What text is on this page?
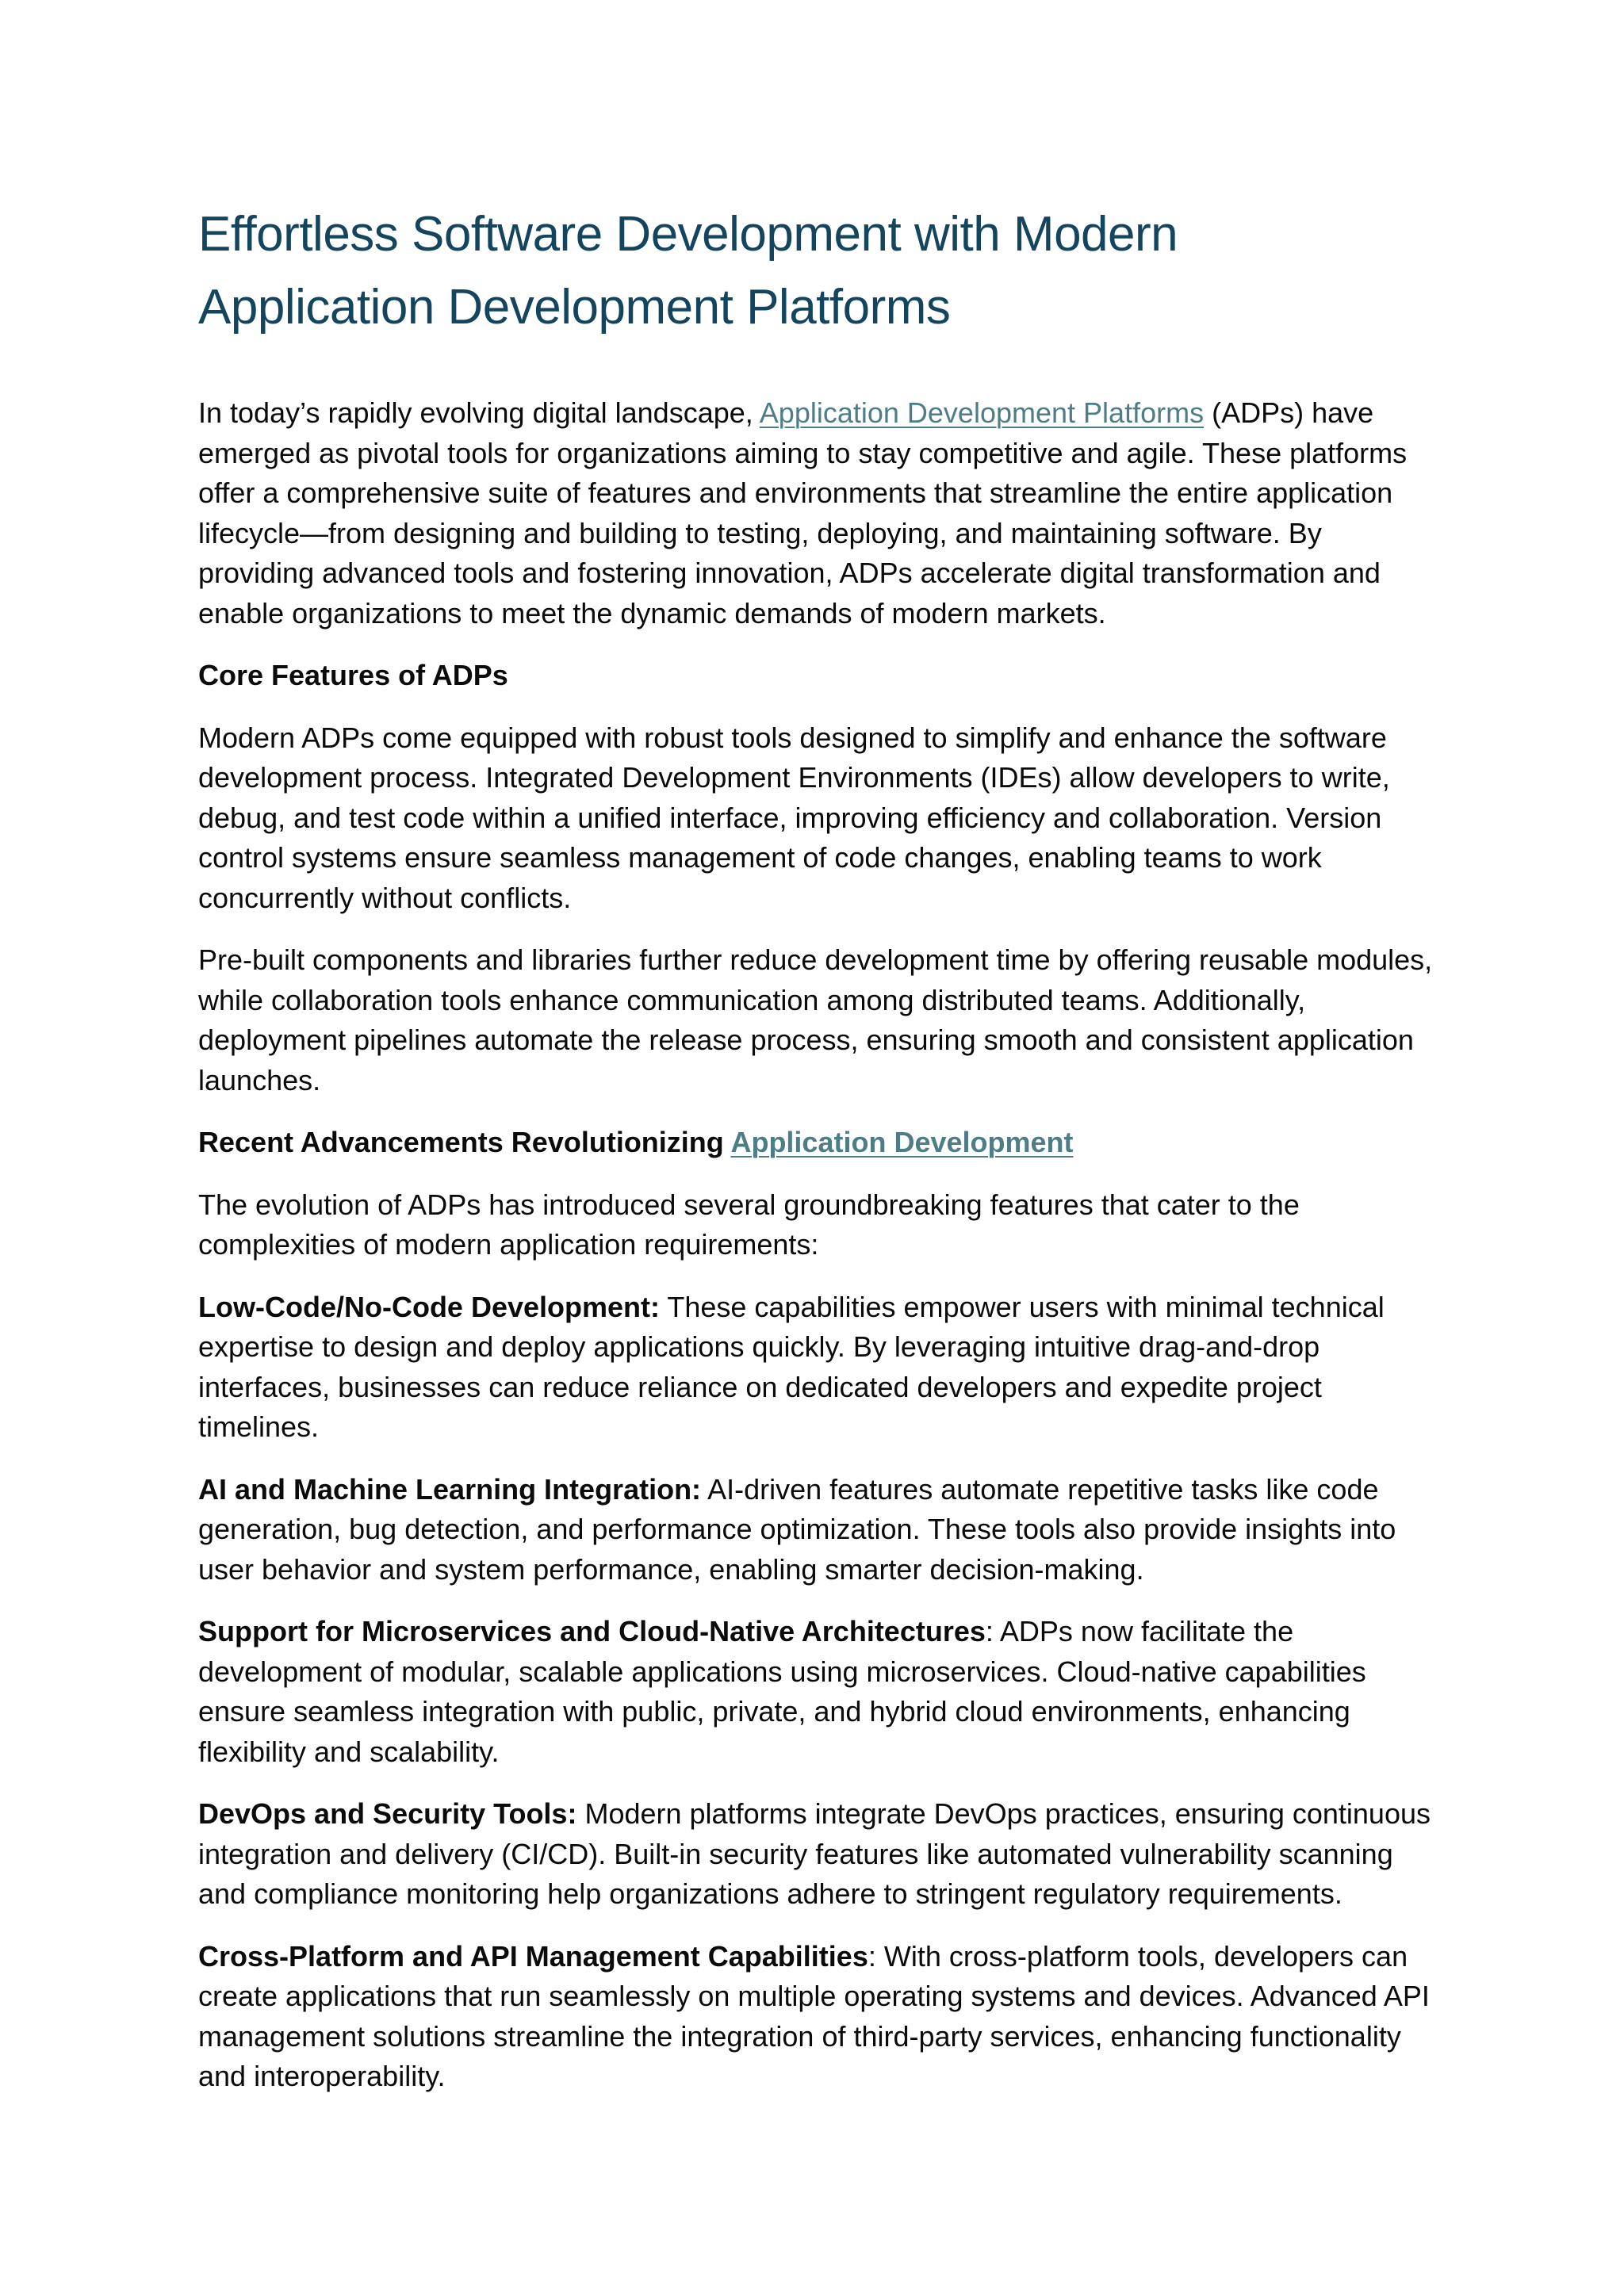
Effortless Software Development with Modern
Application Development Platforms

In today’s rapidly evolving digital landscape, Application Development Platforms (ADPs) have emerged as pivotal tools for organizations aiming to stay competitive and agile. These platforms offer a comprehensive suite of features and environments that streamline the entire application lifecycle—from designing and building to testing, deploying, and maintaining software. By providing advanced tools and fostering innovation, ADPs accelerate digital transformation and enable organizations to meet the dynamic demands of modern markets.

Core Features of ADPs

Modern ADPs come equipped with robust tools designed to simplify and enhance the software development process. Integrated Development Environments (IDEs) allow developers to write, debug, and test code within a unified interface, improving efficiency and collaboration. Version control systems ensure seamless management of code changes, enabling teams to work concurrently without conflicts.

Pre-built components and libraries further reduce development time by offering reusable modules, while collaboration tools enhance communication among distributed teams. Additionally, deployment pipelines automate the release process, ensuring smooth and consistent application launches.

Recent Advancements Revolutionizing Application Development

The evolution of ADPs has introduced several groundbreaking features that cater to the complexities of modern application requirements:

Low-Code/No-Code Development: These capabilities empower users with minimal technical expertise to design and deploy applications quickly. By leveraging intuitive drag-and-drop interfaces, businesses can reduce reliance on dedicated developers and expedite project timelines.

AI and Machine Learning Integration: AI-driven features automate repetitive tasks like code generation, bug detection, and performance optimization. These tools also provide insights into user behavior and system performance, enabling smarter decision-making.

Support for Microservices and Cloud-Native Architectures: ADPs now facilitate the development of modular, scalable applications using microservices. Cloud-native capabilities ensure seamless integration with public, private, and hybrid cloud environments, enhancing flexibility and scalability.

DevOps and Security Tools: Modern platforms integrate DevOps practices, ensuring continuous integration and delivery (CI/CD). Built-in security features like automated vulnerability scanning and compliance monitoring help organizations adhere to stringent regulatory requirements.

Cross-Platform and API Management Capabilities: With cross-platform tools, developers can create applications that run seamlessly on multiple operating systems and devices. Advanced API management solutions streamline the integration of third-party services, enhancing functionality and interoperability.
